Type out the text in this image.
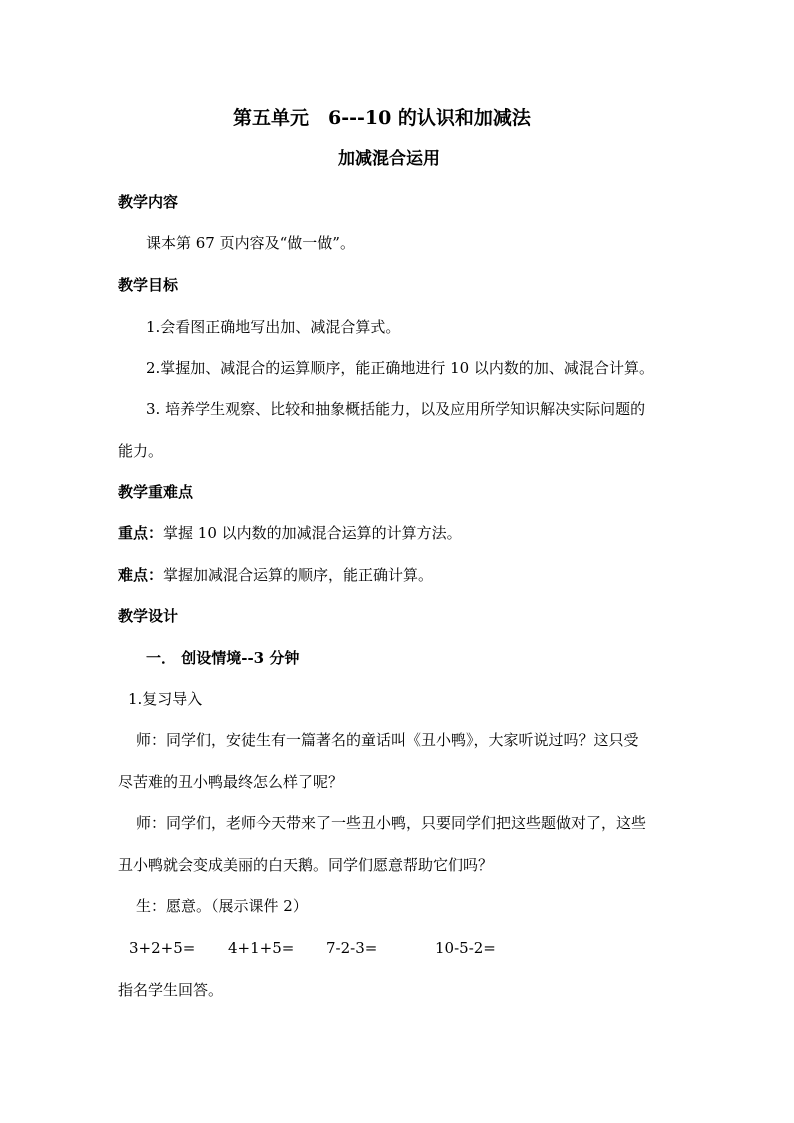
第五单元　6---10 的认识和加减法
加减混合运用
教学内容
课本第 67 页内容及“做一做”。
教学目标
1.会看图正确地写出加、减混合算式。
2.掌握加、减混合的运算顺序，能正确地进行 10 以内数的加、减混合计算。
3. 培养学生观察、比较和抽象概括能力，以及应用所学知识解决实际问题的
能力。
教学重难点
重点：掌握 10 以内数的加减混合运算的计算方法。
难点：掌握加减混合运算的顺序，能正确计算。
教学设计
一． 创设情境--3 分钟
1.复习导入
师：同学们，安徒生有一篇著名的童话叫《丑小鸭》，大家听说过吗？这只受
尽苦难的丑小鸭最终怎么样了呢？
师：同学们，老师今天带来了一些丑小鸭，只要同学们把这些题做对了，这些
丑小鸭就会变成美丽的白天鹅。同学们愿意帮助它们吗？
生：愿意。（展示课件 2）
3+2+5= 4+1+5= 7-2-3=	10-5-2=
指名学生回答。
